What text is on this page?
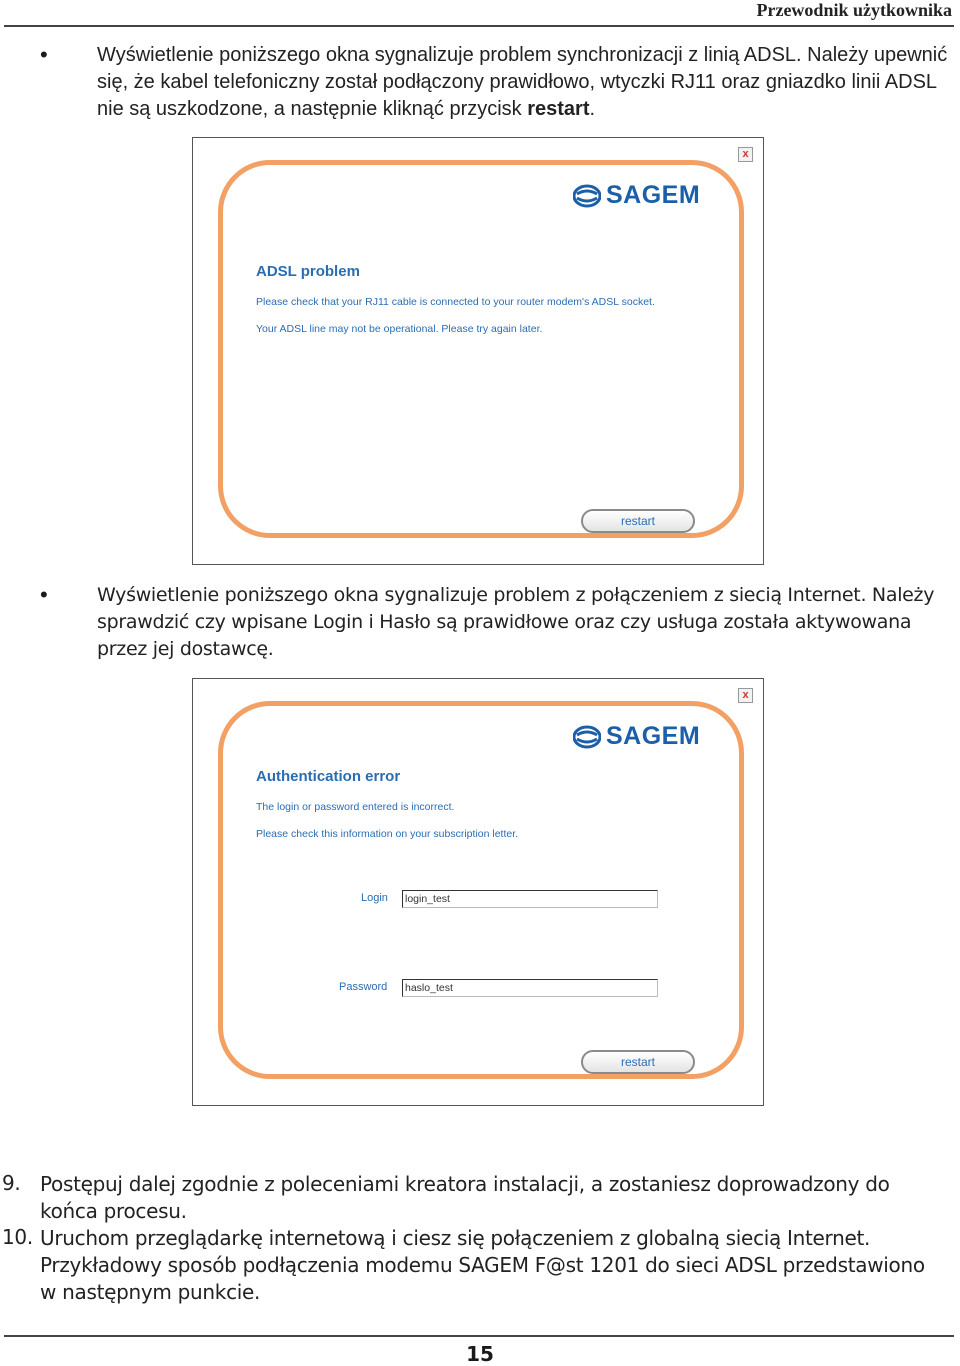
Przewodnik użytkownika
• Wyświetlenie poniższego okna sygnalizuje problem synchronizacji z linią ADSL. Należy upewnić się, że kabel telefoniczny został podłączony prawidłowo, wtyczki RJ11 oraz gniazdko linii ADSL nie są uszkodzone, a następnie kliknąć przycisk restart.
x
SAGEM
ADSL problem
Please check that your RJ11 cable is connected to your router modem's ADSL socket.
Your ADSL line may not be operational. Please try again later.
restart
•	Wyświetlenie poniższego okna sygnalizuje problem z połączeniem z siecią Internet. Należy sprawdzić czy wpisane Login i Hasło są prawidłowe oraz czy usługa została aktywowana przez jej dostawcę.
x
SAGEM
Authentication error
The login or password entered is incorrect.
Please check this information on your subscription letter.
Login login_test
Password haslo_test
restart
9. Postępuj dalej zgodnie z poleceniami kreatora instalacji, a zostaniesz doprowadzony do końca procesu.
10. Uruchom przeglądarkę internetową i ciesz się połączeniem z globalną siecią Internet. Przykładowy sposób podłączenia modemu SAGEM F@st 1201 do sieci ADSL przedstawiono w następnym punkcie.
15
